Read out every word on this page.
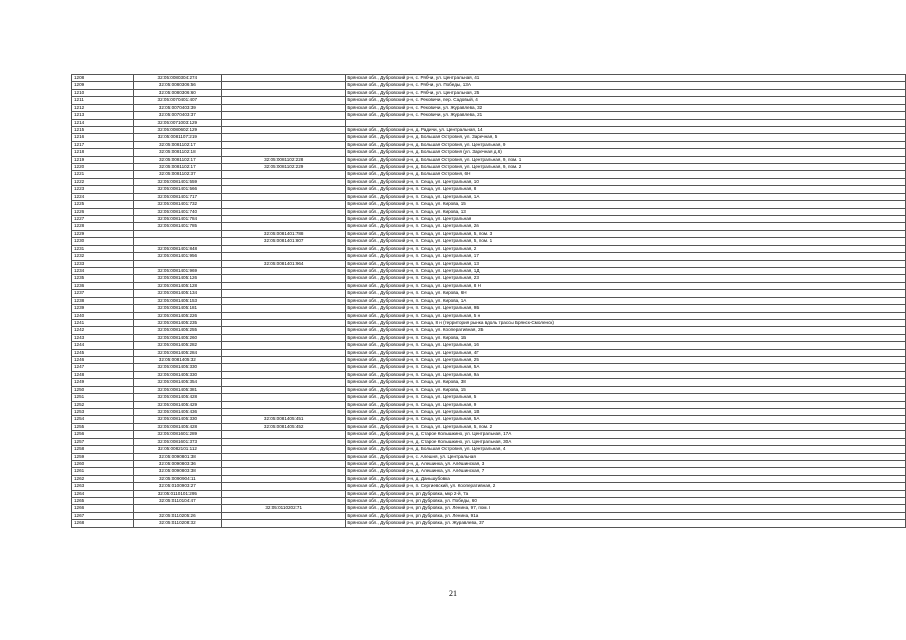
1208	32:05:0080304:274		Брянская обл., Дубровский р-н, с. Рябчи, ул. Центральная, 41
1209	32:05:0080306:56		Брянская обл., Дубровский р-н, с. Рябчи, ул. Победы, 13А
1210	32:05:0080306:60		Брянская обл., Дубровский р-н, с. Рябчи, ул. Центральная, 25
1211	32:05:0070401:407		Брянская обл., Дубровский р-н, с. Рековичи, пер. Садовый, 4
1212	32:05:0070403:39		Брянская обл., Дубровский р-н, с. Рековичи, ул. Журавлева, 32
1213	32:05:0070403:37		Брянская обл., Дубровский р-н, с. Рековичи, ул. Журавлева, 21
1214	32:05:0071003:129		
1215	32:05:0080602:129		Брянская обл., Дубровский р-н, д. Радичи, ул. Центральная, 14
1216	32:05:0081107:219		Брянская обл., Дубровский р-н, д. Большая Островня, ул. Заречная, 5
1217	32:05:0081102:17		Брянская обл., Дубровский р-н, д. Большая Островня, ул. Центральная, 9
1218	32:05:0081102:18		Брянская обл., Дубровский р-н, д. Большая Островня (ул. Заречная д.6)
1219	32:05:0081102:17	32:05:0081102:228	Брянская обл., Дубровский р-н, д. Большая Островня, ул. Центральная, 9, пом. 1
1220	32:05:0081102:17	32:05:0081102:229	Брянская обл., Дубровский р-н, д. Большая Островня, ул. Центральная, 9, пом. 2
1221	32:05:0081102:37		Брянская обл., Дубровский р-н, д. Большая Островня, 6Н
1222	32:05:0081401:559		Брянская обл., Дубровский р-н, п. Сеща, ул. Центральная, 10
1223	32:05:0081401:566		Брянская обл., Дубровский р-н, п. Сеща, ул. Центральная, 8
1224	32:05:0081401:717		Брянская обл., Дубровский р-н, п. Сеща, ул. Центральная, 1А
1225	32:05:0081401:732		Брянская обл., Дубровский р-н, п. Сеща, ул. Кирова, 15
1226	32:05:0081401:740		Брянская обл., Дубровский р-н, п. Сеща, ул. Кирова, 13
1227	32:05:0081401:784		Брянская обл., Дубровский р-н, п. Сеща, ул. Центральная
1228	32:05:0081401:785		Брянская обл., Дубровский р-н, п. Сеща, ул. Центральная, 2в
1229		32:05:0081401:788	Брянская обл., Дубровский р-н, п. Сеща, ул. Центральная, 5, пом. 3
1230		32:05:0081401:807	Брянская обл., Дубровский р-н, п. Сеща, ул. Центральная, 5, пом. 1
1231	32:05:0081401:848		Брянская обл., Дубровский р-н, п. Сеща, ул. Центральная, 2
1232	32:05:0081401:956		Брянская обл., Дубровский р-н, п. Сеща, ул. Центральная, 17
1233		32:05:0081401:964	Брянская обл., Дубровский р-н, п. Сеща, ул. Центральная, 13
1234	32:05:0081401:969		Брянская обл., Дубровский р-н, п. Сеща, ул. Центральная, 1Д
1235	32:05:0081405:126		Брянская обл., Дубровский р-н, п. Сеща, ул. Центральная, 23
1236	32:05:0081405:128		Брянская обл., Дубровский р-н, п. Сеща, ул. Центральная, 8 Н
1237	32:05:0081405:134		Брянская обл., Дубровский р-н, п. Сеща, ул. Кирова, 6Н
1238	32:05:0081405:153		Брянская обл., Дубровский р-н, п. Сеща, ул. Кирова, 1А
1239	32:05:0081405:181		Брянская обл., Дубровский р-н, п. Сеща, ул. Центральная, 9Б
1240	32:05:0081405:226		Брянская обл., Дубровский р-н, п. Сеща, ул. Центральная, 5 н
1241	32:05:0081405:235		Брянская обл., Дубровский р-н, п. Сеща, 8 н (территория рынка вдоль трассы Брянск-Смоленск)
1242	32:05:0081405:255		Брянская обл., Дубровский р-н, п. Сеща, ул. Кооперативная, 2Б
1243	32:05:0081405:260		Брянская обл., Дубровский р-н, п. Сеща, ул. Кирова, 1Б
1244	32:05:0081405:282		Брянская обл., Дубровский р-н, п. Сеща, ул. Центральная, 16
1245	32:05:0081405:284		Брянская обл., Дубровский р-н, п. Сеща, ул. Центральная, 4Г
1246	32:05:0081405:32		Брянская обл., Дубровский р-н, п. Сеща, ул. Центральная, 25
1247	32:05:0081405:330		Брянская обл., Дубровский р-н, п. Сеща, ул. Центральная, 5А
1248	32:05:0081405:330		Брянская обл., Дубровский р-н, п. Сеща, ул. Центральная, 9а
1249	32:05:0081405:354		Брянская обл., Дубровский р-н, п. Сеща, ул. Кирова, 38
1250	32:05:0081405:381		Брянская обл., Дубровский р-н, п. Сеща, ул. Кирова, 15
1251	32:05:0081405:428		Брянская обл., Дубровский р-н, п. Сеща, ул. Центральная, 5
1252	32:05:0081405:429		Брянская обл., Дубровский р-н, п. Сеща, ул. Центральная, 9
1253	32:05:0081405:436		Брянская обл., Дубровский р-н, п. Сеща, ул. Центральная, 1В
1254	32:05:0081405:330	32:05:0081405:451	Брянская обл., Дубровский р-н, п. Сеща, ул. Центральная, 5А
1255	32:05:0081405:428	32:05:0081405:452	Брянская обл., Дубровский р-н, п. Сеща, ул. Центральная, 5, пом. 2
1256	32:05:0081601:289		Брянская обл., Дубровский р-н, д. Старое Колышкино, ул. Центральная, 17А
1257	32:05:0081601:373		Брянская обл., Дубровский р-н, д. Старое Колышкино, ул. Центральная, 30А
1258	32:05:0082101:112		Брянская обл., Дубровский р-н, д. Большая Островня, ул. Центральная, 4
1259	32:05:0090801:38		Брянская обл., Дубровский р-н, с. Алешня, ул. Центральная
1260	32:05:0090803:36		Брянская обл., Дубровский р-н, д. Алешинка, ул. Алёшинская, 3
1261	32:05:0090803:38		Брянская обл., Дубровский р-н, д. Алешинка, ул. Алёшинская, 7
1262	32:05:0090904:11		Брянская обл., Дубровский р-н, д. Даньшубовка
1263	32:05:0100903:27		Брянская обл., Дубровский р-н, п. Сергиевский, ул. Кооперативная, 2
1264	32:05:0110101:295		Брянская обл., Дубровский р-н, рп Дубровка, мкр 2-й, 7а
1265	32:05:0110104:47		Брянская обл., Дубровский р-н, рп Дубровка, ул. Победы, 60
1266		32:05:0110202:71	Брянская обл., Дубровский р-н, рп Дубровка, ул. Ленина, 97, пом. I
1267	32:05:0110205:26		Брянская обл., Дубровский р-н, рп Дубровка, ул. Ленина, 91а
1268	32:05:0110208:32		Брянская обл., Дубровский р-н, рп Дубровка, ул. Журавлева, 37
21
